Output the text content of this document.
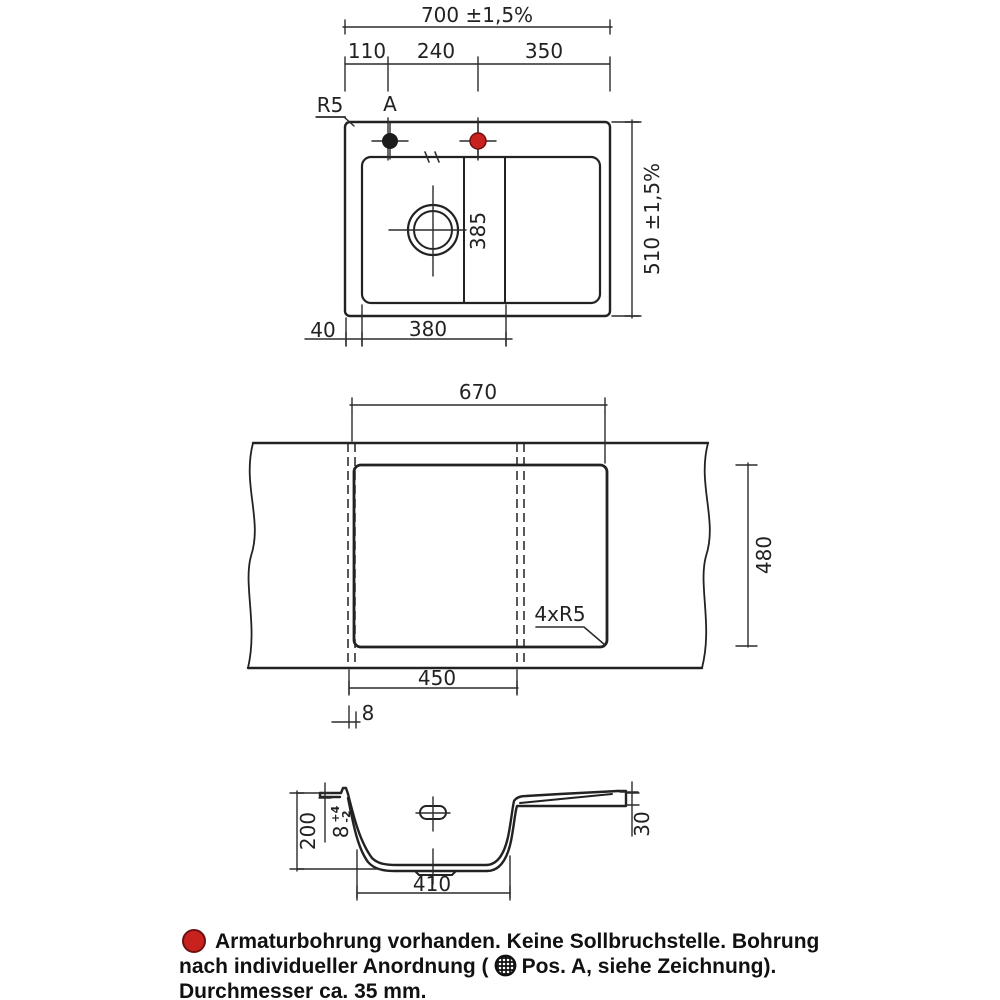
700 ±1,5%
110 240	350
R5 A
510 ±1,5%
385
40	380
670
480
4xR5
450
8
200 8
+4
-2	30
410
Armaturbohrung vorhanden. Keine Sollbruchstelle. Bohrung
nach individueller Anordnung ( Pos. A, siehe Zeichnung).
Durchmesser ca. 35 mm.
